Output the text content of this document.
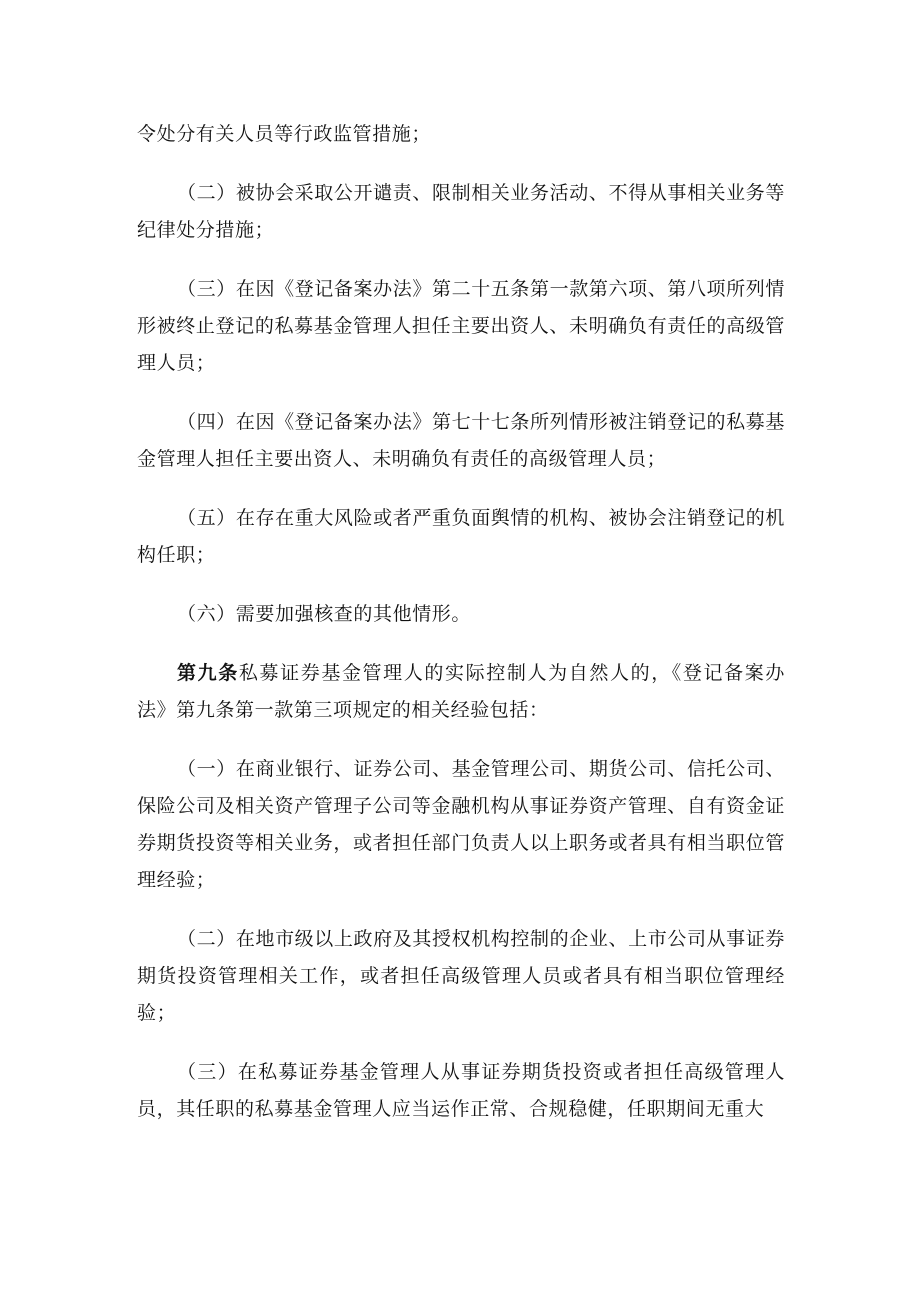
令处分有关人员等行政监管措施；

（二）被协会采取公开谴责、限制相关业务活动、不得从事相关业务等纪律处分措施；

（三）在因《登记备案办法》第二十五条第一款第六项、第八项所列情形被终止登记的私募基金管理人担任主要出资人、未明确负有责任的高级管理人员；

（四）在因《登记备案办法》第七十七条所列情形被注销登记的私募基金管理人担任主要出资人、未明确负有责任的高级管理人员；

（五）在存在重大风险或者严重负面舆情的机构、被协会注销登记的机构任职；

（六）需要加强核查的其他情形。

第九条私募证券基金管理人的实际控制人为自然人的，《登记备案办法》第九条第一款第三项规定的相关经验包括：

（一）在商业银行、证券公司、基金管理公司、期货公司、信托公司、保险公司及相关资产管理子公司等金融机构从事证券资产管理、自有资金证券期货投资等相关业务，或者担任部门负责人以上职务或者具有相当职位管理经验；

（二）在地市级以上政府及其授权机构控制的企业、上市公司从事证券期货投资管理相关工作，或者担任高级管理人员或者具有相当职位管理经验；

（三）在私募证券基金管理人从事证券期货投资或者担任高级管理人员，其任职的私募基金管理人应当运作正常、合规稳健，任职期间无重大
